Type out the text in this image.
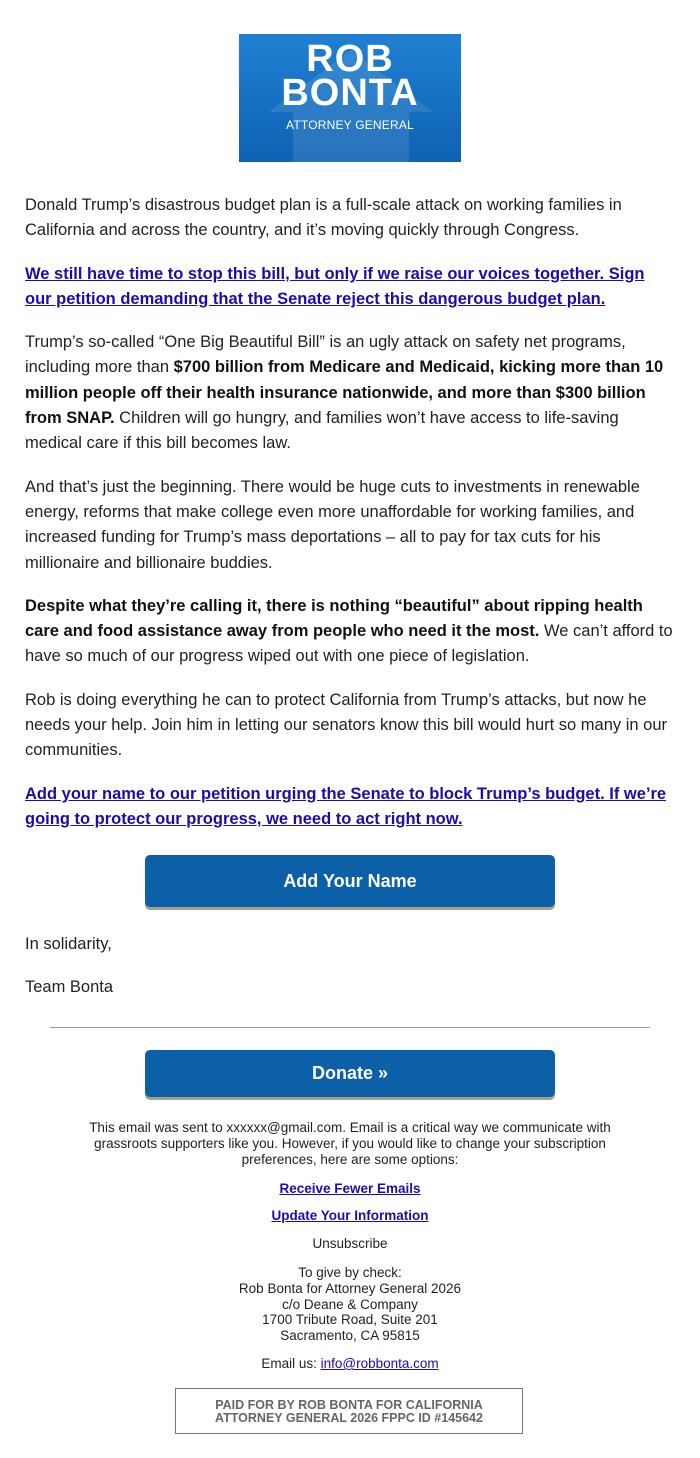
ROB
BONTA
ATTORNEY GENERAL

Donald Trump’s disastrous budget plan is a full-scale attack on working families in California and across the country, and it’s moving quickly through Congress.

We still have time to stop this bill, but only if we raise our voices together. Sign our petition demanding that the Senate reject this dangerous budget plan.

Trump’s so-called “One Big Beautiful Bill” is an ugly attack on safety net programs, including more than $700 billion from Medicare and Medicaid, kicking more than 10 million people off their health insurance nationwide, and more than $300 billion from SNAP. Children will go hungry, and families won’t have access to life-saving medical care if this bill becomes law.

And that’s just the beginning. There would be huge cuts to investments in renewable energy, reforms that make college even more unaffordable for working families, and increased funding for Trump’s mass deportations – all to pay for tax cuts for his millionaire and billionaire buddies.

Despite what they’re calling it, there is nothing “beautiful” about ripping health care and food assistance away from people who need it the most. We can’t afford to have so much of our progress wiped out with one piece of legislation.

Rob is doing everything he can to protect California from Trump’s attacks, but now he needs your help. Join him in letting our senators know this bill would hurt so many in our communities.

Add your name to our petition urging the Senate to block Trump’s budget. If we’re going to protect our progress, we need to act right now.

Add Your Name
In solidarity,
Team Bonta
Donate »

This email was sent to xxxxxx@gmail.com. Email is a critical way we communicate with grassroots supporters like you. However, if you would like to change your subscription preferences, here are some options:

Receive Fewer Emails
Update Your Information
Unsubscribe

To give by check:

Rob Bonta for Attorney General 2026

c/o Deane & Company

1700 Tribute Road, Suite 201

Sacramento, CA 95815

Email us: info@robbonta.com
PAID FOR BY ROB BONTA FOR CALIFORNIA
ATTORNEY GENERAL 2026 FPPC ID #145642
